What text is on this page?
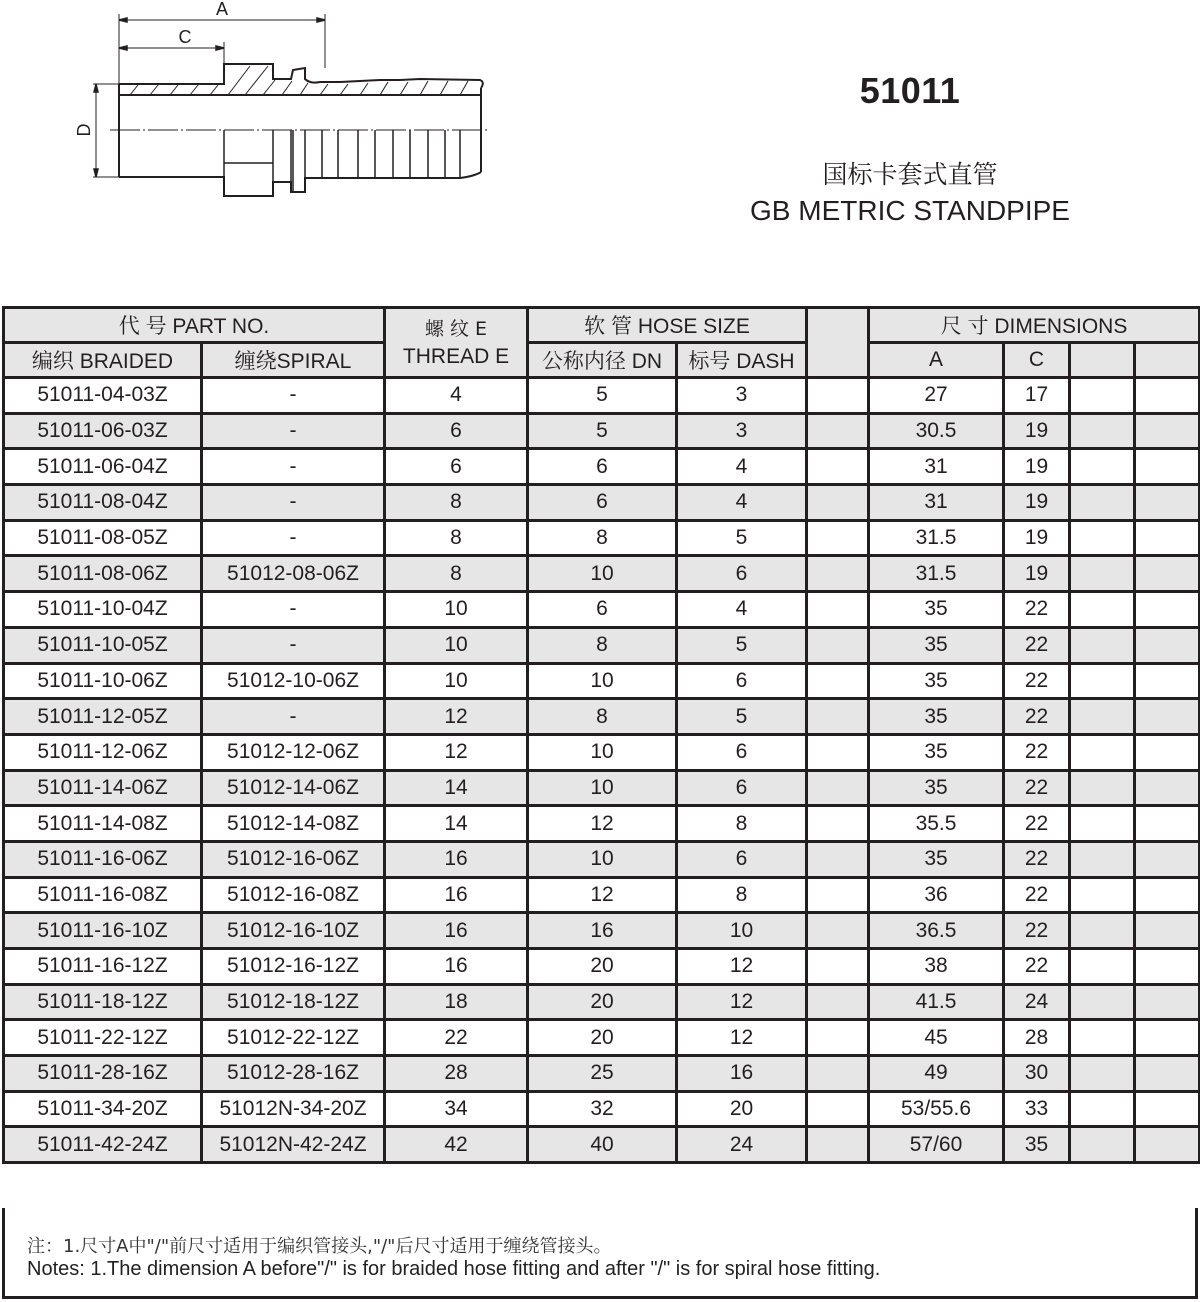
A
C
D
51011
国标卡套式直管
GB METRIC STANDPIPE
代 号 PART NO.		螺 纹 E
THREAD E	软 管 HOSE SIZE			尺 寸 DIMENSIONS			
编织 BRAIDED	缠绕SPIRAL		公称内径 DN	标号 DASH		A	C		
51011-04-03Z	-	4	5	3		27	17		
51011-06-03Z	-	6	5	3		30.5	19		
51011-06-04Z	-	6	6	4		31	19		
51011-08-04Z	-	8	6	4		31	19		
51011-08-05Z	-	8	8	5		31.5	19		
51011-08-06Z	51012-08-06Z	8	10	6		31.5	19		
51011-10-04Z	-	10	6	4		35	22		
51011-10-05Z	-	10	8	5		35	22		
51011-10-06Z	51012-10-06Z	10	10	6		35	22		
51011-12-05Z	-	12	8	5		35	22		
51011-12-06Z	51012-12-06Z	12	10	6		35	22		
51011-14-06Z	51012-14-06Z	14	10	6		35	22		
51011-14-08Z	51012-14-08Z	14	12	8		35.5	22		
51011-16-06Z	51012-16-06Z	16	10	6		35	22		
51011-16-08Z	51012-16-08Z	16	12	8		36	22		
51011-16-10Z	51012-16-10Z	16	16	10		36.5	22		
51011-16-12Z	51012-16-12Z	16	20	12		38	22		
51011-18-12Z	51012-18-12Z	18	20	12		41.5	24		
51011-22-12Z	51012-22-12Z	22	20	12		45	28		
51011-28-16Z	51012-28-16Z	28	25	16		49	30		
51011-34-20Z	51012N-34-20Z	34	32	20		53/55.6	33		
51011-42-24Z	51012N-42-24Z	42	40	24		57/60	35		
注：1.尺寸A中"/"前尺寸适用于编织管接头,"/"后尺寸适用于缠绕管接头。
Notes: 1.The dimension A before"/" is for braided hose fitting and after "/" is for spiral hose fitting.
